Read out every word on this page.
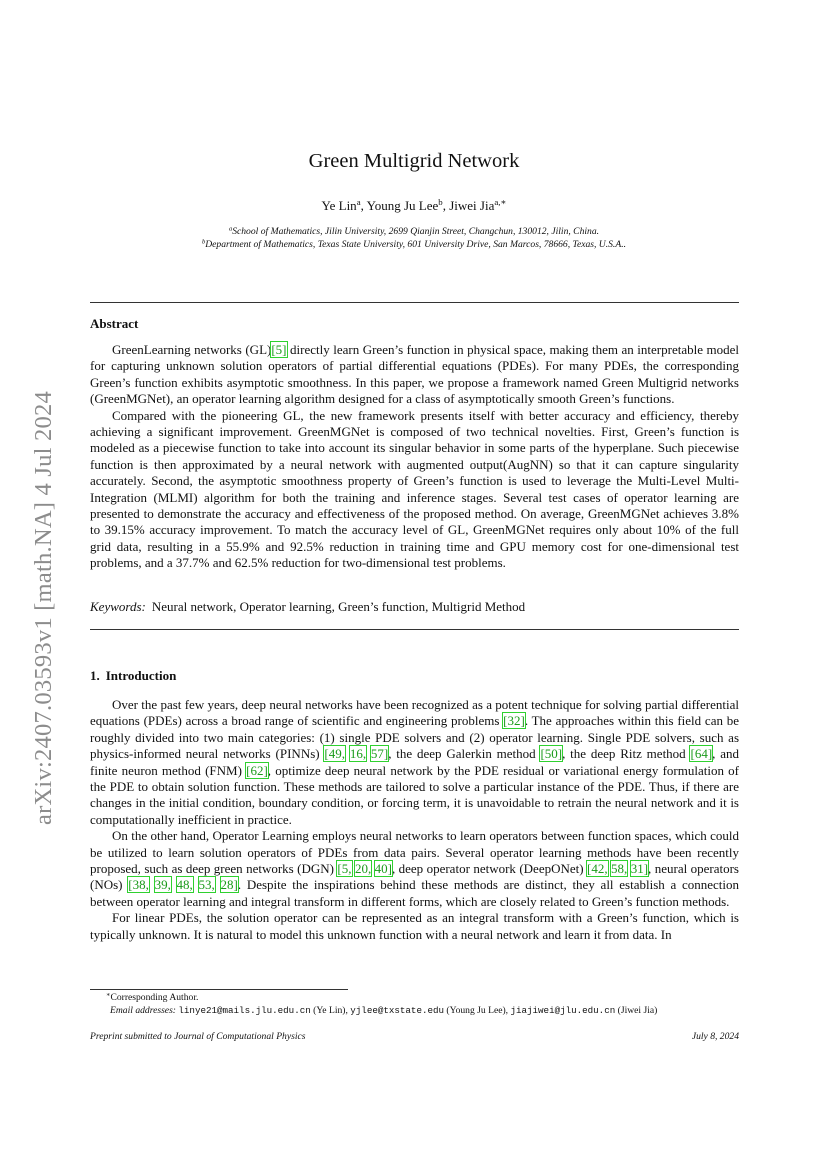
arXiv:2407.03593v1 [math.NA] 4 Jul 2024
Green Multigrid Network
Ye Lin$^a$, Young Ju Lee$^b$, Jiwei Jia$^{a,∗}$
$^a$School of Mathematics, Jilin University, 2699 Qianjin Street, Changchun, 130012, Jilin, China.
$^b$Department of Mathematics, Texas State University, 601 University Drive, San Marcos, 78666, Texas, U.S.A..
Abstract

GreenLearning networks (GL)[5] directly learn Green’s function in physical space, making them an interpretable model for capturing unknown solution operators of partial differential equations (PDEs). For many PDEs, the corresponding Green’s function exhibits asymptotic smoothness. In this paper, we propose a framework named Green Multigrid networks (GreenMGNet), an operator learning algorithm designed for a class of asymptotically smooth Green’s functions.

Compared with the pioneering GL, the new framework presents itself with better accuracy and efficiency, thereby achieving a significant improvement. GreenMGNet is composed of two technical novelties. First, Green’s function is modeled as a piecewise function to take into account its singular behavior in some parts of the hyperplane. Such piecewise function is then approximated by a neural network with augmented output(AugNN) so that it can capture singularity accurately. Second, the asymptotic smoothness property of Green’s function is used to leverage the Multi-Level Multi-Integration (MLMI) algorithm for both the training and inference stages. Several test cases of operator learning are presented to demonstrate the accuracy and effectiveness of the proposed method. On average, GreenMGNet achieves 3.8% to 39.15% accuracy improvement. To match the accuracy level of GL, GreenMGNet requires only about 10% of the full grid data, resulting in a 55.9% and 92.5% reduction in training time and GPU memory cost for one-dimensional test problems, and a 37.7% and 62.5% reduction for two-dimensional test problems.

Keywords: Neural network, Operator learning, Green’s function, Multigrid Method
1. Introduction

Over the past few years, deep neural networks have been recognized as a potent technique for solving partial differential equations (PDEs) across a broad range of scientific and engineering problems [32]. The approaches within this field can be roughly divided into two main categories: (1) single PDE solvers and (2) operator learning. Single PDE solvers, such as physics-informed neural networks (PINNs) [49, 16, 57], the deep Galerkin method [50], the deep Ritz method [64], and finite neuron method (FNM) [62], optimize deep neural network by the PDE residual or variational energy formulation of the PDE to obtain solution function. These methods are tailored to solve a particular instance of the PDE. Thus, if there are changes in the initial condition, boundary condition, or forcing term, it is unavoidable to retrain the neural network and it is computationally inefficient in practice.

On the other hand, Operator Learning employs neural networks to learn operators between function spaces, which could be utilized to learn solution operators of PDEs from data pairs. Several operator learning methods have been recently proposed, such as deep green networks (DGN) [5, 20, 40], deep operator network (DeepONet) [42, 58, 31], neural operators (NOs) [38, 39, 48, 53, 28]. Despite the inspirations behind these methods are distinct, they all establish a connection between operator learning and integral transform in different forms, which are closely related to Green’s function methods.

For linear PDEs, the solution operator can be represented as an integral transform with a Green’s function, which is typically unknown. It is natural to model this unknown function with a neural network and learn it from data. In

∗Corresponding Author.
Email addresses: linye21@mails.jlu.edu.cn (Ye Lin), yjlee@txstate.edu (Young Ju Lee), jiajiwei@jlu.edu.cn (Jiwei Jia)
Preprint submitted to Journal of Computational Physics	July 8, 2024
